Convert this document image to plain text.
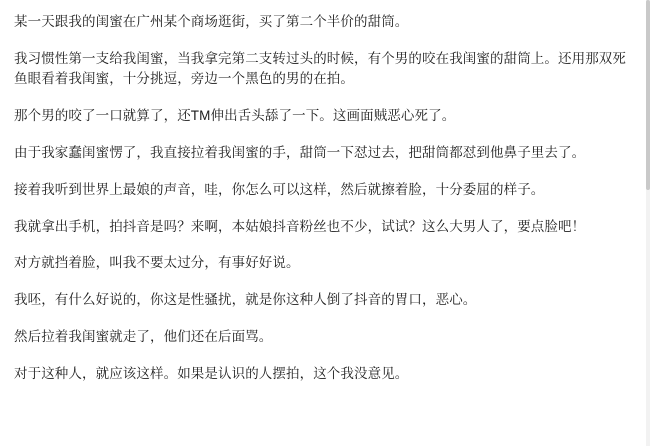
某一天跟我的闺蜜在广州某个商场逛街，买了第二个半价的甜筒。

我习惯性第一支给我闺蜜，当我拿完第二支转过头的时候，有个男的咬在我闺蜜的甜筒上。还用那双死鱼眼看着我闺蜜，十分挑逗，旁边一个黑色的男的在拍。

那个男的咬了一口就算了，还TM伸出舌头舔了一下。这画面贼恶心死了。

由于我家蠢闺蜜愣了，我直接拉着我闺蜜的手，甜筒一下怼过去，把甜筒都怼到他鼻子里去了。

接着我听到世界上最娘的声音，哇，你怎么可以这样，然后就擦着脸，十分委屈的样子。

我就拿出手机，拍抖音是吗？来啊，本姑娘抖音粉丝也不少，试试？这么大男人了，要点脸吧！

对方就挡着脸，叫我不要太过分，有事好好说。

我呸，有什么好说的，你这是性骚扰，就是你这种人倒了抖音的胃口，恶心。

然后拉着我闺蜜就走了，他们还在后面骂。

对于这种人，就应该这样。如果是认识的人摆拍，这个我没意见。
